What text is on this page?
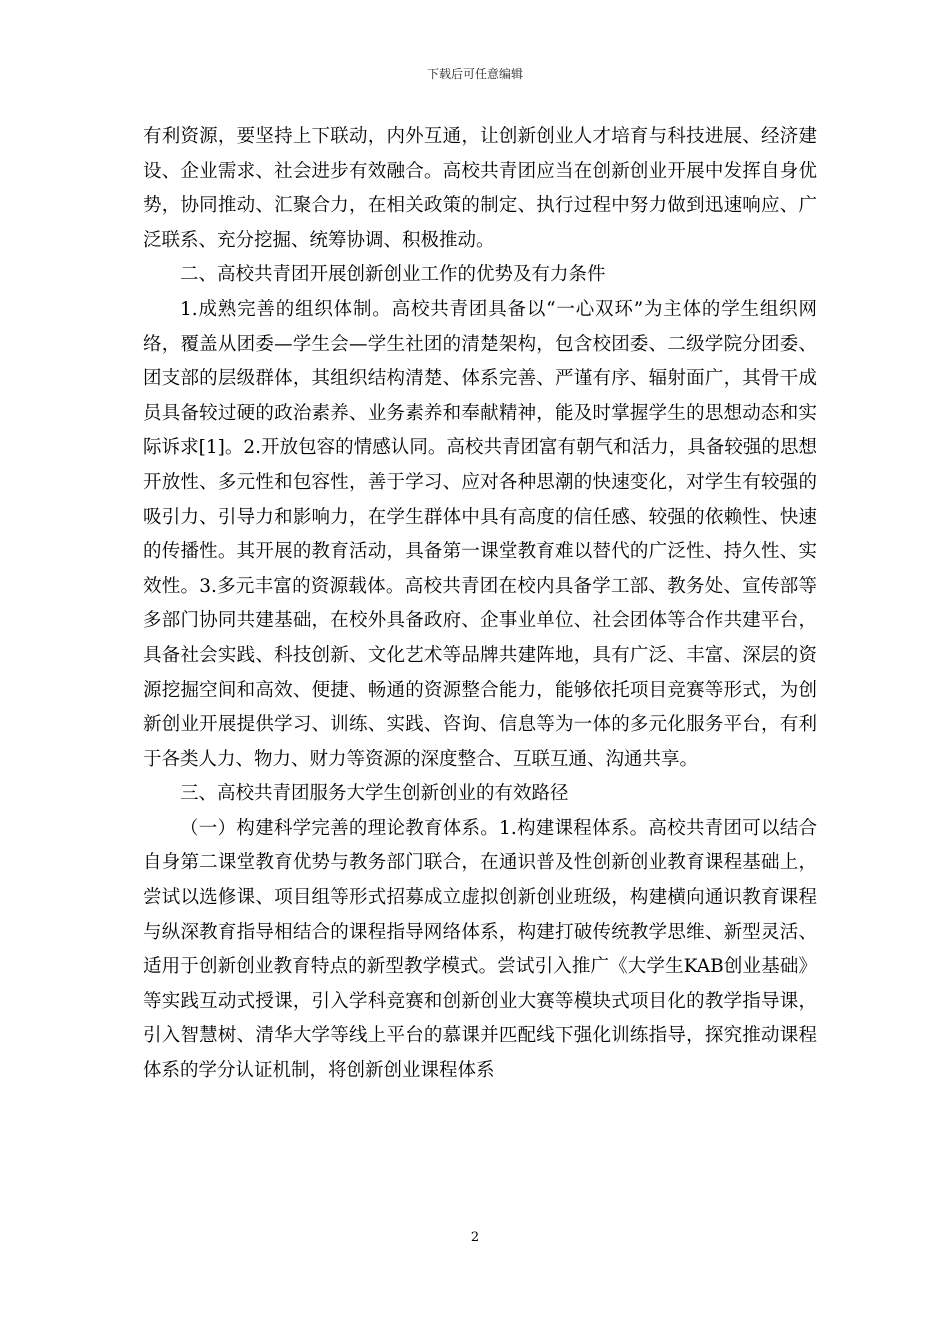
下载后可任意编辑

有利资源，要坚持上下联动，内外互通，让创新创业人才培育与科技进展、经济建设、企业需求、社会进步有效融合。高校共青团应当在创新创业开展中发挥自身优势，协同推动、汇聚合力，在相关政策的制定、执行过程中努力做到迅速响应、广泛联系、充分挖掘、统筹协调、积极推动。

二、高校共青团开展创新创业工作的优势及有力条件

1.成熟完善的组织体制。高校共青团具备以“一心双环”为主体的学生组织网络，覆盖从团委—学生会—学生社团的清楚架构，包含校团委、二级学院分团委、团支部的层级群体，其组织结构清楚、体系完善、严谨有序、辐射面广，其骨干成员具备较过硬的政治素养、业务素养和奉献精神，能及时掌握学生的思想动态和实际诉求[1]。2.开放包容的情感认同。高校共青团富有朝气和活力，具备较强的思想开放性、多元性和包容性，善于学习、应对各种思潮的快速变化，对学生有较强的吸引力、引导力和影响力，在学生群体中具有高度的信任感、较强的依赖性、快速的传播性。其开展的教育活动，具备第一课堂教育难以替代的广泛性、持久性、实效性。3.多元丰富的资源载体。高校共青团在校内具备学工部、教务处、宣传部等多部门协同共建基础，在校外具备政府、企事业单位、社会团体等合作共建平台，具备社会实践、科技创新、文化艺术等品牌共建阵地，具有广泛、丰富、深层的资源挖掘空间和高效、便捷、畅通的资源整合能力，能够依托项目竞赛等形式，为创新创业开展提供学习、训练、实践、咨询、信息等为一体的多元化服务平台，有利于各类人力、物力、财力等资源的深度整合、互联互通、沟通共享。

三、高校共青团服务大学生创新创业的有效路径

（一）构建科学完善的理论教育体系。1.构建课程体系。高校共青团可以结合自身第二课堂教育优势与教务部门联合，在通识普及性创新创业教育课程基础上，尝试以选修课、项目组等形式招募成立虚拟创新创业班级，构建横向通识教育课程与纵深教育指导相结合的课程指导网络体系，构建打破传统教学思维、新型灵活、适用于创新创业教育特点的新型教学模式。尝试引入推广《大学生KAB创业基础》等实践互动式授课，引入学科竞赛和创新创业大赛等模块式项目化的教学指导课，引入智慧树、清华大学等线上平台的慕课并匹配线下强化训练指导，探究推动课程体系的学分认证机制，将创新创业课程体系

2
